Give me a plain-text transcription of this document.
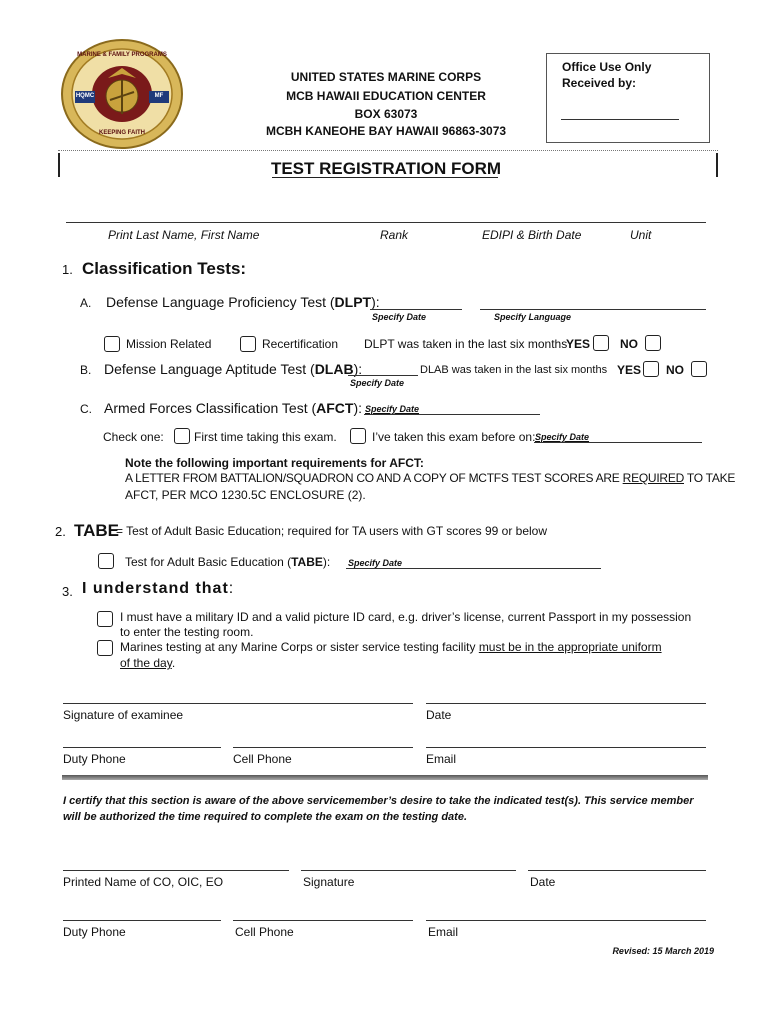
MARINE & FAMILY PROGRAMS
HQMC	MF
KEEPING FAITH
UNITED STATES MARINE CORPS
MCB HAWAII EDUCATION CENTER
BOX 63073
MCBH KANEOHE BAY HAWAII 96863-3073
Office Use Only
Received by:
TEST REGISTRATION FORM
Print Last Name, First Name	Rank	EDIPI & Birth Date	Unit
1. Classification Tests:
A. Defense Language Proficiency Test (DLPT):
Specify Date	Specify Language
Mission Related	Recertification DLPT was taken in the last six months
YES NO
B. Defense Language Aptitude Test (DLAB):	DLAB was taken in the last six months
Specify Date
YES NO
C. Armed Forces Classification Test (AFCT): Specify Date
Check one:	First time taking this exam.	I’ve taken this exam before on: Specify Date
Note the following important requirements for AFCT:
A LETTER FROM BATTALION/SQUADRON CO AND A COPY OF MCTFS TEST SCORES ARE REQUIRED TO TAKE
AFCT, PER MCO 1230.5C ENCLOSURE (2).
2. TABE
= Test of Adult Basic Education; required for TA users with GT scores 99 or below
Test for Adult Basic Education (TABE): Specify Date
3. I understand that:
I must have a military ID and a valid picture ID card, e.g. driver’s license, current Passport in my possession
to enter the testing room.
Marines testing at any Marine Corps or sister service testing facility must be in the appropriate uniform
of the day.
Signature of examinee	Date
Duty Phone	Cell Phone	Email
I certify that this section is aware of the above servicemember’s desire to take the indicated test(s). This service member
will be authorized the time required to complete the exam on the testing date.
Printed Name of CO, OIC, EO	Signature	Date
Duty Phone	Cell Phone	Email
Revised: 15 March 2019
